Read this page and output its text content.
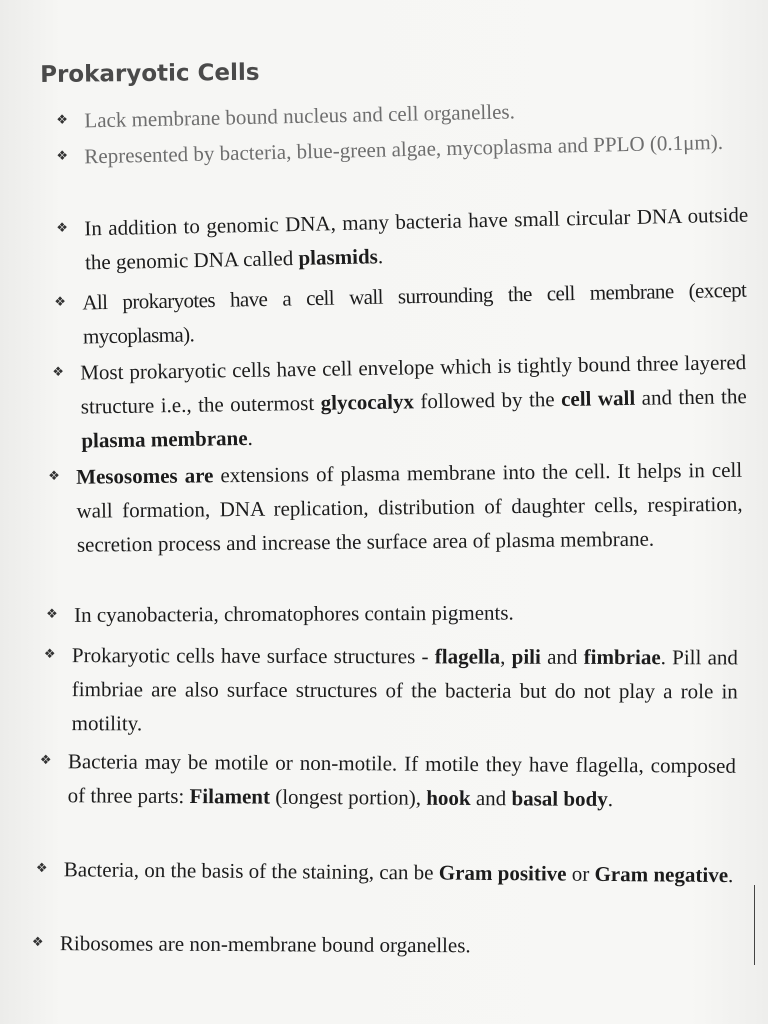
Prokaryotic Cells
❖ Lack membrane bound nucleus and cell organelles.
❖ Represented by bacteria, blue-green algae, mycoplasma and PPLO (0.1μm).
❖ In addition to genomic DNA, many bacteria have small circular DNA outside the genomic DNA called plasmids.
❖ All prokaryotes have a cell wall surrounding the cell membrane (except mycoplasma).
❖ Most prokaryotic cells have cell envelope which is tightly bound three layered structure i.e., the outermost glycocalyx followed by the cell wall and then the plasma membrane.
❖ Mesosomes are extensions of plasma membrane into the cell. It helps in cell wall formation, DNA replication, distribution of daughter cells, respiration, secretion process and increase the surface area of plasma membrane.
❖ In cyanobacteria, chromatophores contain pigments.
❖ Prokaryotic cells have surface structures - flagella, pili and fimbriae. Pill and fimbriae are also surface structures of the bacteria but do not play a role in motility.
❖ Bacteria may be motile or non-motile. If motile they have flagella, composed of three parts: Filament (longest portion), hook and basal body.
❖ Bacteria, on the basis of the staining, can be Gram positive or Gram negative.
❖ Ribosomes are non-membrane bound organelles.
